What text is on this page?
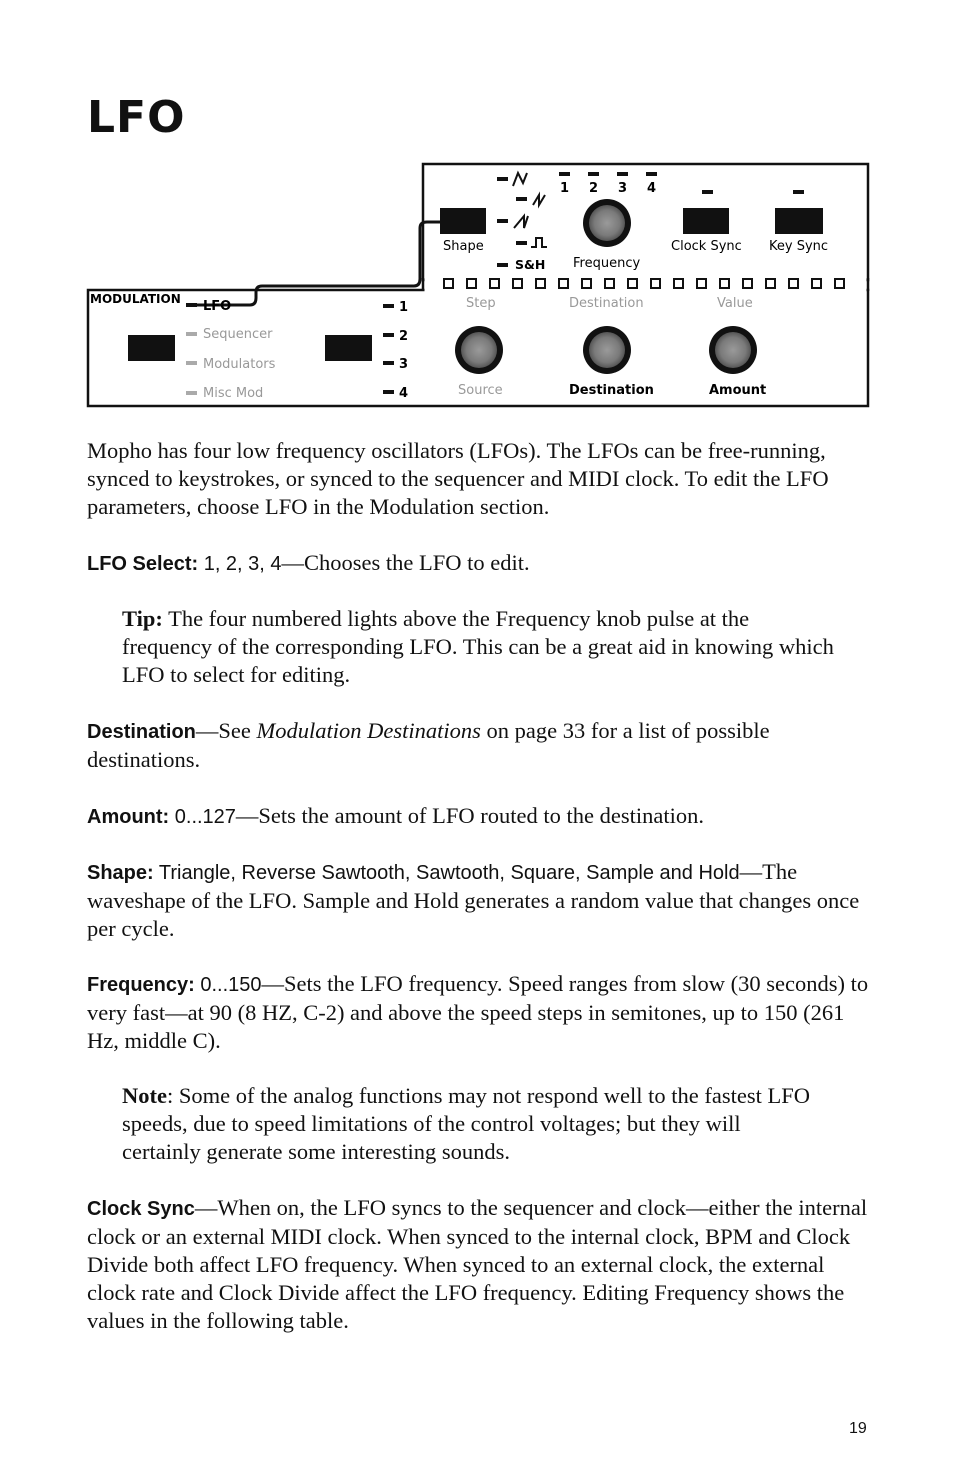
LFO
Shape
S&H
1 2 3 4
Frequency
Clock Sync Key Sync
MODULATION LFO
Sequencer
Modulators
Misc Mod
1
2
3
4
Step	Destination	Value
Source	Destination	Amount
Mopho has four low frequency oscillators (LFOs). The LFOs can be free-running, synced to keystrokes, or synced to the sequencer and MIDI clock. To edit the LFO parameters, choose LFO in the Modulation section.
LFO Select: 1, 2, 3, 4—Chooses the LFO to edit.
Tip: The four numbered lights above the Frequency knob pulse at the frequency of the corresponding LFO. This can be a great aid in knowing which LFO to select for editing.
Destination—See Modulation Destinations on page 33 for a list of possible destinations.
Amount: 0...127—Sets the amount of LFO routed to the destination.
Shape: Triangle, Reverse Sawtooth, Sawtooth, Square, Sample and Hold—The waveshape of the LFO. Sample and Hold generates a random value that changes once per cycle.
Frequency: 0...150—Sets the LFO frequency. Speed ranges from slow (30 seconds) to very fast—at 90 (8 HZ, C-2) and above the speed steps in semitones, up to 150 (261 Hz, middle C).
Note: Some of the analog functions may not respond well to the fastest LFO speeds, due to speed limitations of the control voltages; but they will certainly generate some interesting sounds.
Clock Sync—When on, the LFO syncs to the sequencer and clock—either the internal clock or an external MIDI clock. When synced to the internal clock, BPM and Clock Divide both affect LFO frequency. When synced to an external clock, the external clock rate and Clock Divide affect the LFO frequency. Editing Frequency shows the values in the following table.
19
